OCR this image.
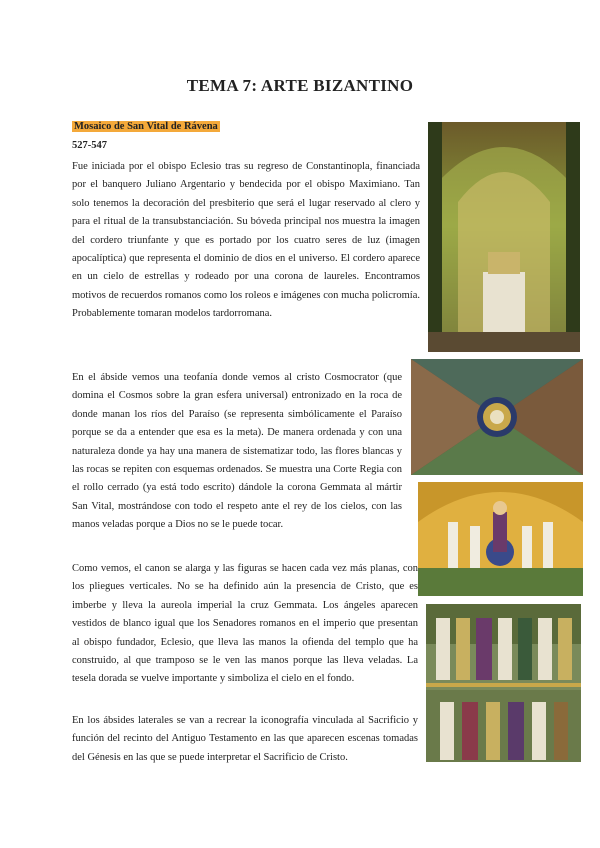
TEMA 7: ARTE BIZANTINO
Mosaico de San Vital de Rávena
527-547
Fue iniciada por el obispo Eclesio tras su regreso de Constantinopla, financiada por el banquero Juliano Argentario y bendecida por el obispo Maximiano. Tan solo tenemos la decoración del presbiterio que será el lugar reservado al clero y para el ritual de la transubstanciación. Su bóveda principal nos muestra la imagen del cordero triunfante y que es portado por los cuatro seres de luz (imagen apocalíptica) que representa el dominio de dios en el universo. El cordero aparece en un cielo de estrellas y rodeado por una corona de laureles. Encontramos motivos de recuerdos romanos como los roleos e imágenes con mucha policromía. Probablemente tomaran modelos tardorromana.
En el ábside vemos una teofanía donde vemos al cristo Cosmocrator (que domina el Cosmos sobre la gran esfera universal) entronizado en la roca de donde manan los ríos del Paraíso (se representa simbólicamente el Paraíso porque se da a entender que esa es la meta). De manera ordenada y con una naturaleza donde ya hay una manera de sistematizar todo, las flores blancas y las rocas se repiten con esquemas ordenados. Se muestra una Corte Regia con el rollo cerrado (ya está todo escrito) dándole la corona Gemmata al mártir San Vital, mostrándose con todo el respeto ante el rey de los cielos, con las manos veladas porque a Dios no se le puede tocar.
Como vemos, el canon se alarga y las figuras se hacen cada vez más planas, con los pliegues verticales. No se ha definido aún la presencia de Cristo, que es imberbe y lleva la aureola imperial la cruz Gemmata. Los ángeles aparecen vestidos de blanco igual que los Senadores romanos en el imperio que presentan al obispo fundador, Eclesio, que lleva las manos la ofienda del templo que ha construido, al que tramposo se le ven las manos porque las lleva veladas. La tesela dorada se vuelve importante y simboliza el cielo en el fondo.
En los ábsides laterales se van a recrear la iconografía vinculada al Sacrificio y función del recinto del Antiguo Testamento en las que aparecen escenas tomadas del Génesis en las que se puede interpretar el Sacrificio de Cristo.
